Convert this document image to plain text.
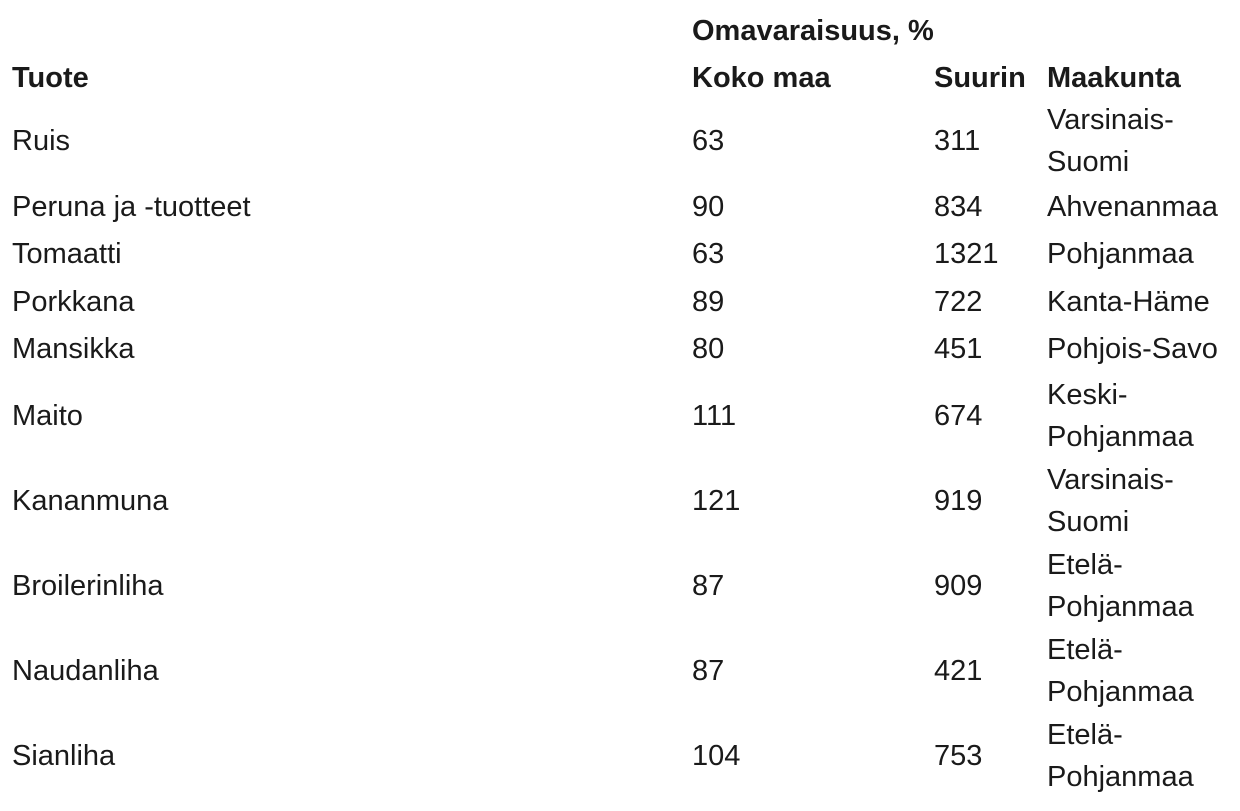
Omavaraisuus, %
Tuote	Koko maa	Suurin Maakunta
Ruis	63	311
Varsinais-
Suomi
Peruna ja -tuotteet	90	834 Ahvenanmaa
Tomaatti	63	1321 Pohjanmaa
Porkkana	89	722 Kanta-Häme
Mansikka	80	451 Pohjois-Savo
Maito	111	674
Keski-
Pohjanmaa
Kananmuna	121	919
Varsinais-
Suomi
Broilerinliha	87	909
Etelä-
Pohjanmaa
Naudanliha	87	421
Etelä-
Pohjanmaa
Sianliha	104	753
Etelä-
Pohjanmaa
